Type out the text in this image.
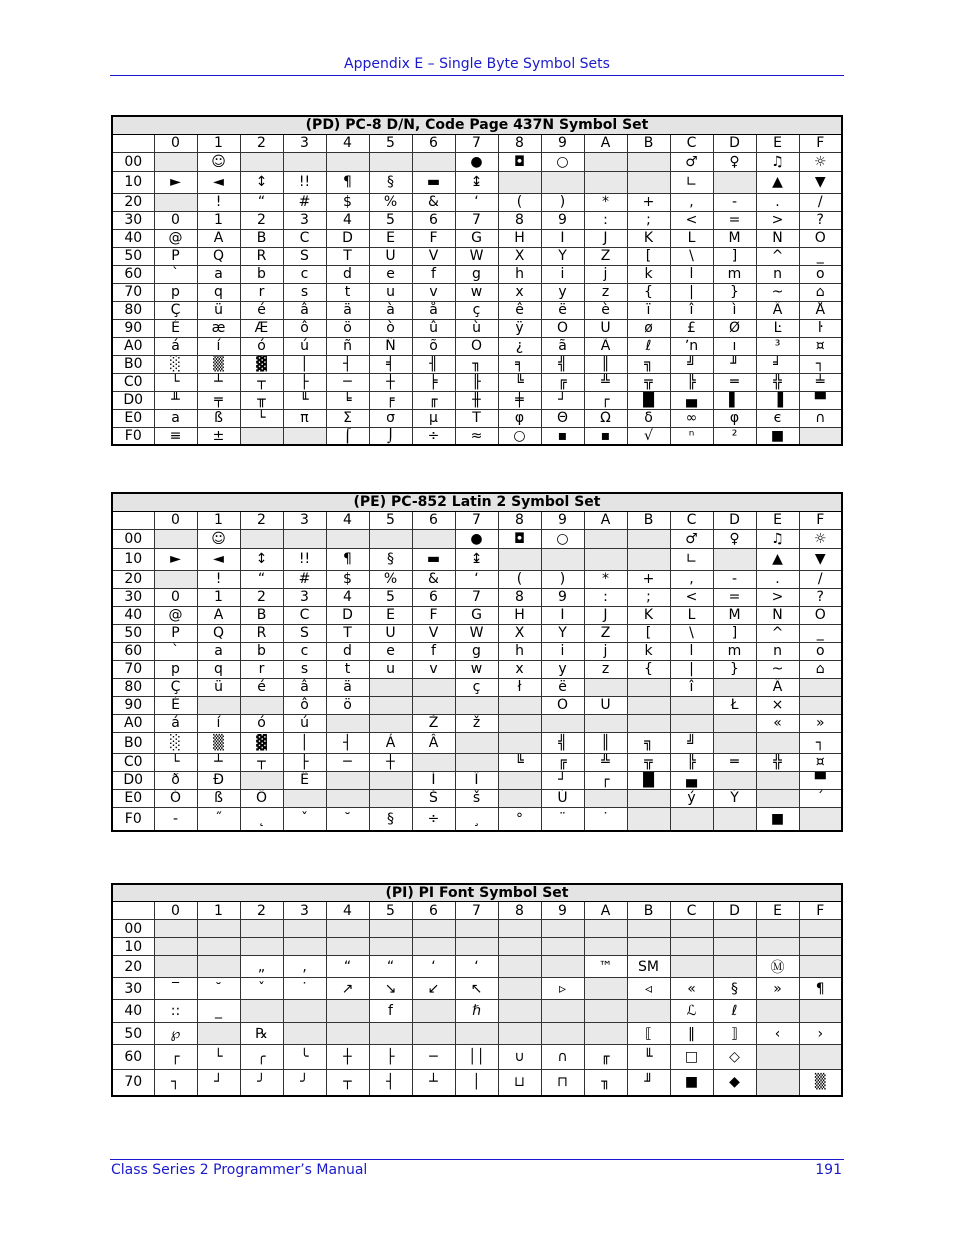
Appendix E – Single Byte Symbol Sets
(PD) PC-8 D/N, Code Page 437N Symbol Set																
	0	1	2	3	4	5	6	7	8	9	A	B	C	D	E	F
00		☺						●	◘	○			♂	♀	♫	☼
10	►	◄	↕	!!	¶	§	▬	↨					∟		▲	▼
20		!	“	#	$	%	&	‘	(	)	*	+	,	-	.	/
30	0	1	2	3	4	5	6	7	8	9	:	;	<	=	>	?
40	@	A	B	C	D	E	F	G	H	I	J	K	L	M	N	O
50	P	Q	R	S	T	U	V	W	X	Y	Z	[	\	]	^	_
60	`	a	b	c	d	e	f	g	h	i	j	k	l	m	n	o
70	p	q	r	s	t	u	v	w	x	y	z	{	|	}	~	⌂
80	Ç	ü	é	â	ä	à	å	ç	ê	ë	è	ï	î	ì	Ä	Å
90	É	æ	Æ	ô	ö	ò	û	ù	ÿ	Ö	Ü	ø	£	Ø	Ŀ	ŀ
A0	á	í	ó	ú	ñ	Ñ	õ	Õ	¿	ã	Ã	ℓ	ʼn	ı	³	¤
B0	░	▒	▓	│	┤	╡	╢	╖	╕	╣	║	╗	╝	╜	╛	┐
C0	└	┴	┬	├	─	┼	╞	╟	╚	╔	╩	╦	╠	═	╬	╧
D0	╨	╤	╥	╙	╘	╒	╓	╫	╪	┘	┌	█	▄	▌	▐	▀
E0	a	ß	└	π	Σ	σ	µ	T	φ	Θ	Ω	δ	∞	φ	є	∩
F0	≡	±			⌠	⌡	÷	≈	○	▪	▪	√	ⁿ	²	■	
(PE) PC-852 Latin 2 Symbol Set																
	0	1	2	3	4	5	6	7	8	9	A	B	C	D	E	F
00		☺						●	◘	○			♂	♀	♫	☼
10	►	◄	↕	!!	¶	§	▬	↨					∟		▲	▼
20		!	“	#	$	%	&	‘	(	)	*	+	,	-	.	/
30	0	1	2	3	4	5	6	7	8	9	:	;	<	=	>	?
40	@	A	B	C	D	E	F	G	H	I	J	K	L	M	N	O
50	P	Q	R	S	T	U	V	W	X	Y	Z	[	\	]	^	_
60	`	a	b	c	d	e	f	g	h	i	j	k	l	m	n	o
70	p	q	r	s	t	u	v	w	x	y	z	{	|	}	~	⌂
80	Ç	ü	é	â	ä			ç	ł	ë			î		Ä	
90	É			ô	ö					Ö	Ü			Ł	×	
A0	á	í	ó	ú			Ž	ž							«	»
B0	░	▒	▓	│	┤	Á	Â			╣	║	╗	╝			┐
C0	└	┴	┬	├	─	┼			╚	╔	╩	╦	╠	═	╬	¤
D0	ð	Đ		Ë			Í	Î		┘	┌	█	▄			▀
E0	Ó	ß	Ô				Š	š		Ú			ý	Ý		´
F0	-	˝	˛	ˇ	˘	§	÷	¸	°	¨	˙				■	
(PI) PI Font Symbol Set																
	0	1	2	3	4	5	6	7	8	9	A	B	C	D	E	F
00																
10																
20			„	‚	“	“	‘	‘			™	SM			Ⓜ	
30	‾	˘	ˇ	˙	↗	↘	↙	↖		▹		◃	«	§	»	¶
40	::	_				f		ℏ					ℒ	ℓ		
50	℘		℞									⟦	‖	⟧	‹	›
60	┌	└	╭	╰	┼	├	─	││	∪	∩	╓	╙	□	◇		
70	┐	┘	╯	╯	┬	┤	┴	│	⊔	⊓	╖	╜	■	◆		▒
Class Series 2 Programmer’s Manual	191
